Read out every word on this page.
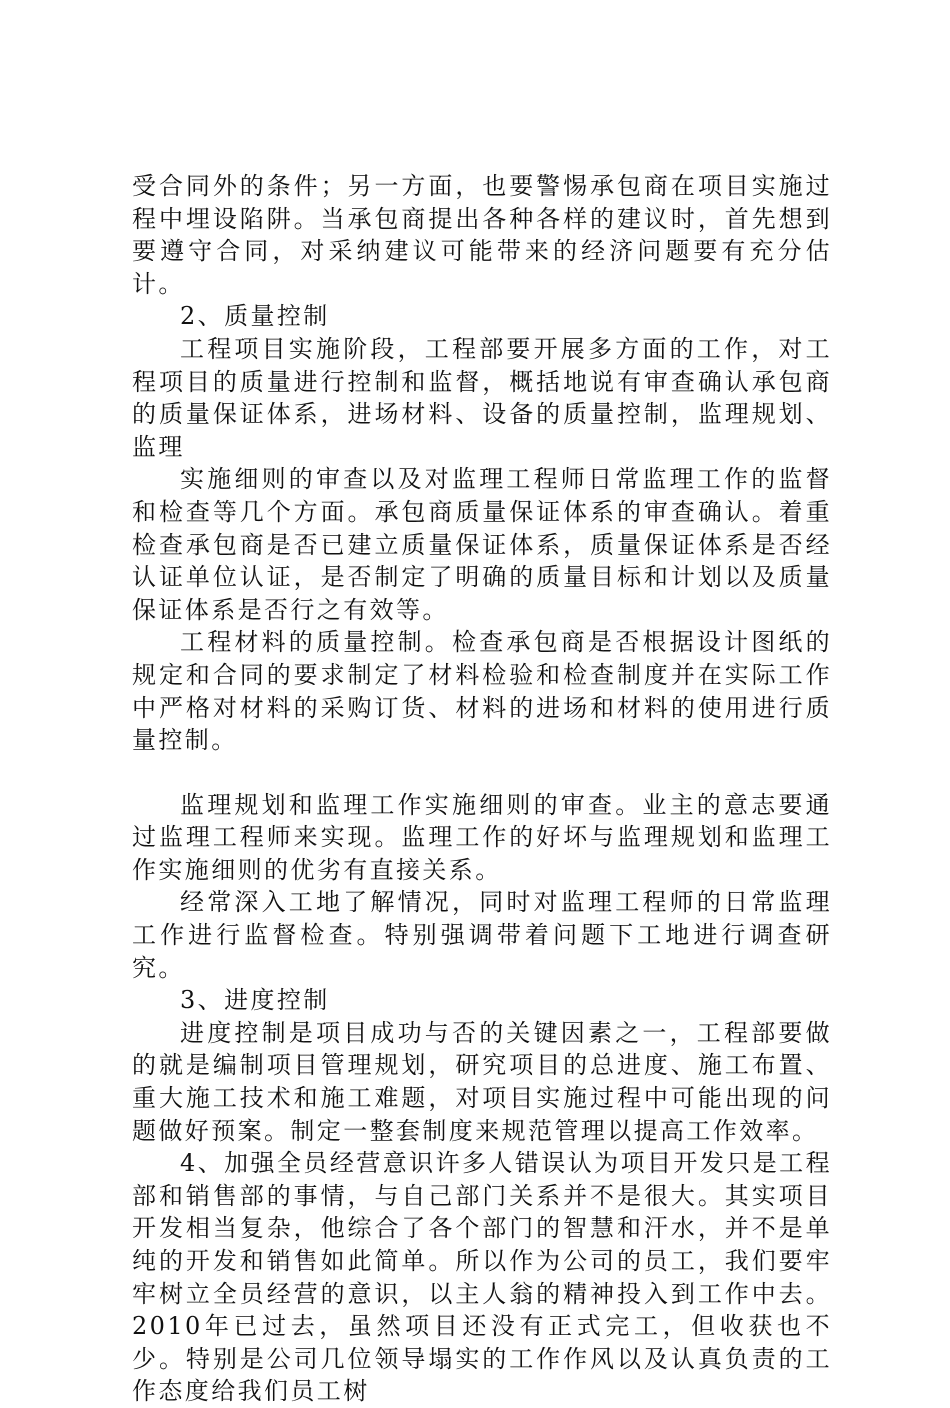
受合同外的条件；另一方面，也要警惕承包商在项目实施过程中埋设陷阱。当承包商提出各种各样的建议时，首先想到要遵守合同，对采纳建议可能带来的经济问题要有充分估计。

2、质量控制

工程项目实施阶段，工程部要开展多方面的工作，对工程项目的质量进行控制和监督，概括地说有审查确认承包商的质量保证体系，进场材料、设备的质量控制，监理规划、监理

实施细则的审查以及对监理工程师日常监理工作的监督和检查等几个方面。承包商质量保证体系的审查确认。着重检查承包商是否已建立质量保证体系，质量保证体系是否经认证单位认证，是否制定了明确的质量目标和计划以及质量保证体系是否行之有效等。

工程材料的质量控制。检查承包商是否根据设计图纸的规定和合同的要求制定了材料检验和检查制度并在实际工作中严格对材料的采购订货、材料的进场和材料的使用进行质量控制。

监理规划和监理工作实施细则的审查。业主的意志要通过监理工程师来实现。监理工作的好坏与监理规划和监理工作实施细则的优劣有直接关系。

经常深入工地了解情况，同时对监理工程师的日常监理工作进行监督检查。特别强调带着问题下工地进行调查研究。

3、进度控制

进度控制是项目成功与否的关键因素之一，工程部要做的就是编制项目管理规划，研究项目的总进度、施工布置、重大施工技术和施工难题，对项目实施过程中可能出现的问题做好预案。制定一整套制度来规范管理以提高工作效率。

4、加强全员经营意识许多人错误认为项目开发只是工程部和销售部的事情，与自己部门关系并不是很大。其实项目开发相当复杂，他综合了各个部门的智慧和汗水，并不是单纯的开发和销售如此简单。所以作为公司的员工，我们要牢牢树立全员经营的意识，以主人翁的精神投入到工作中去。2010年已过去，虽然项目还没有正式完工，但收获也不少。特别是公司几位领导塌实的工作作风以及认真负责的工作态度给我们员工树
